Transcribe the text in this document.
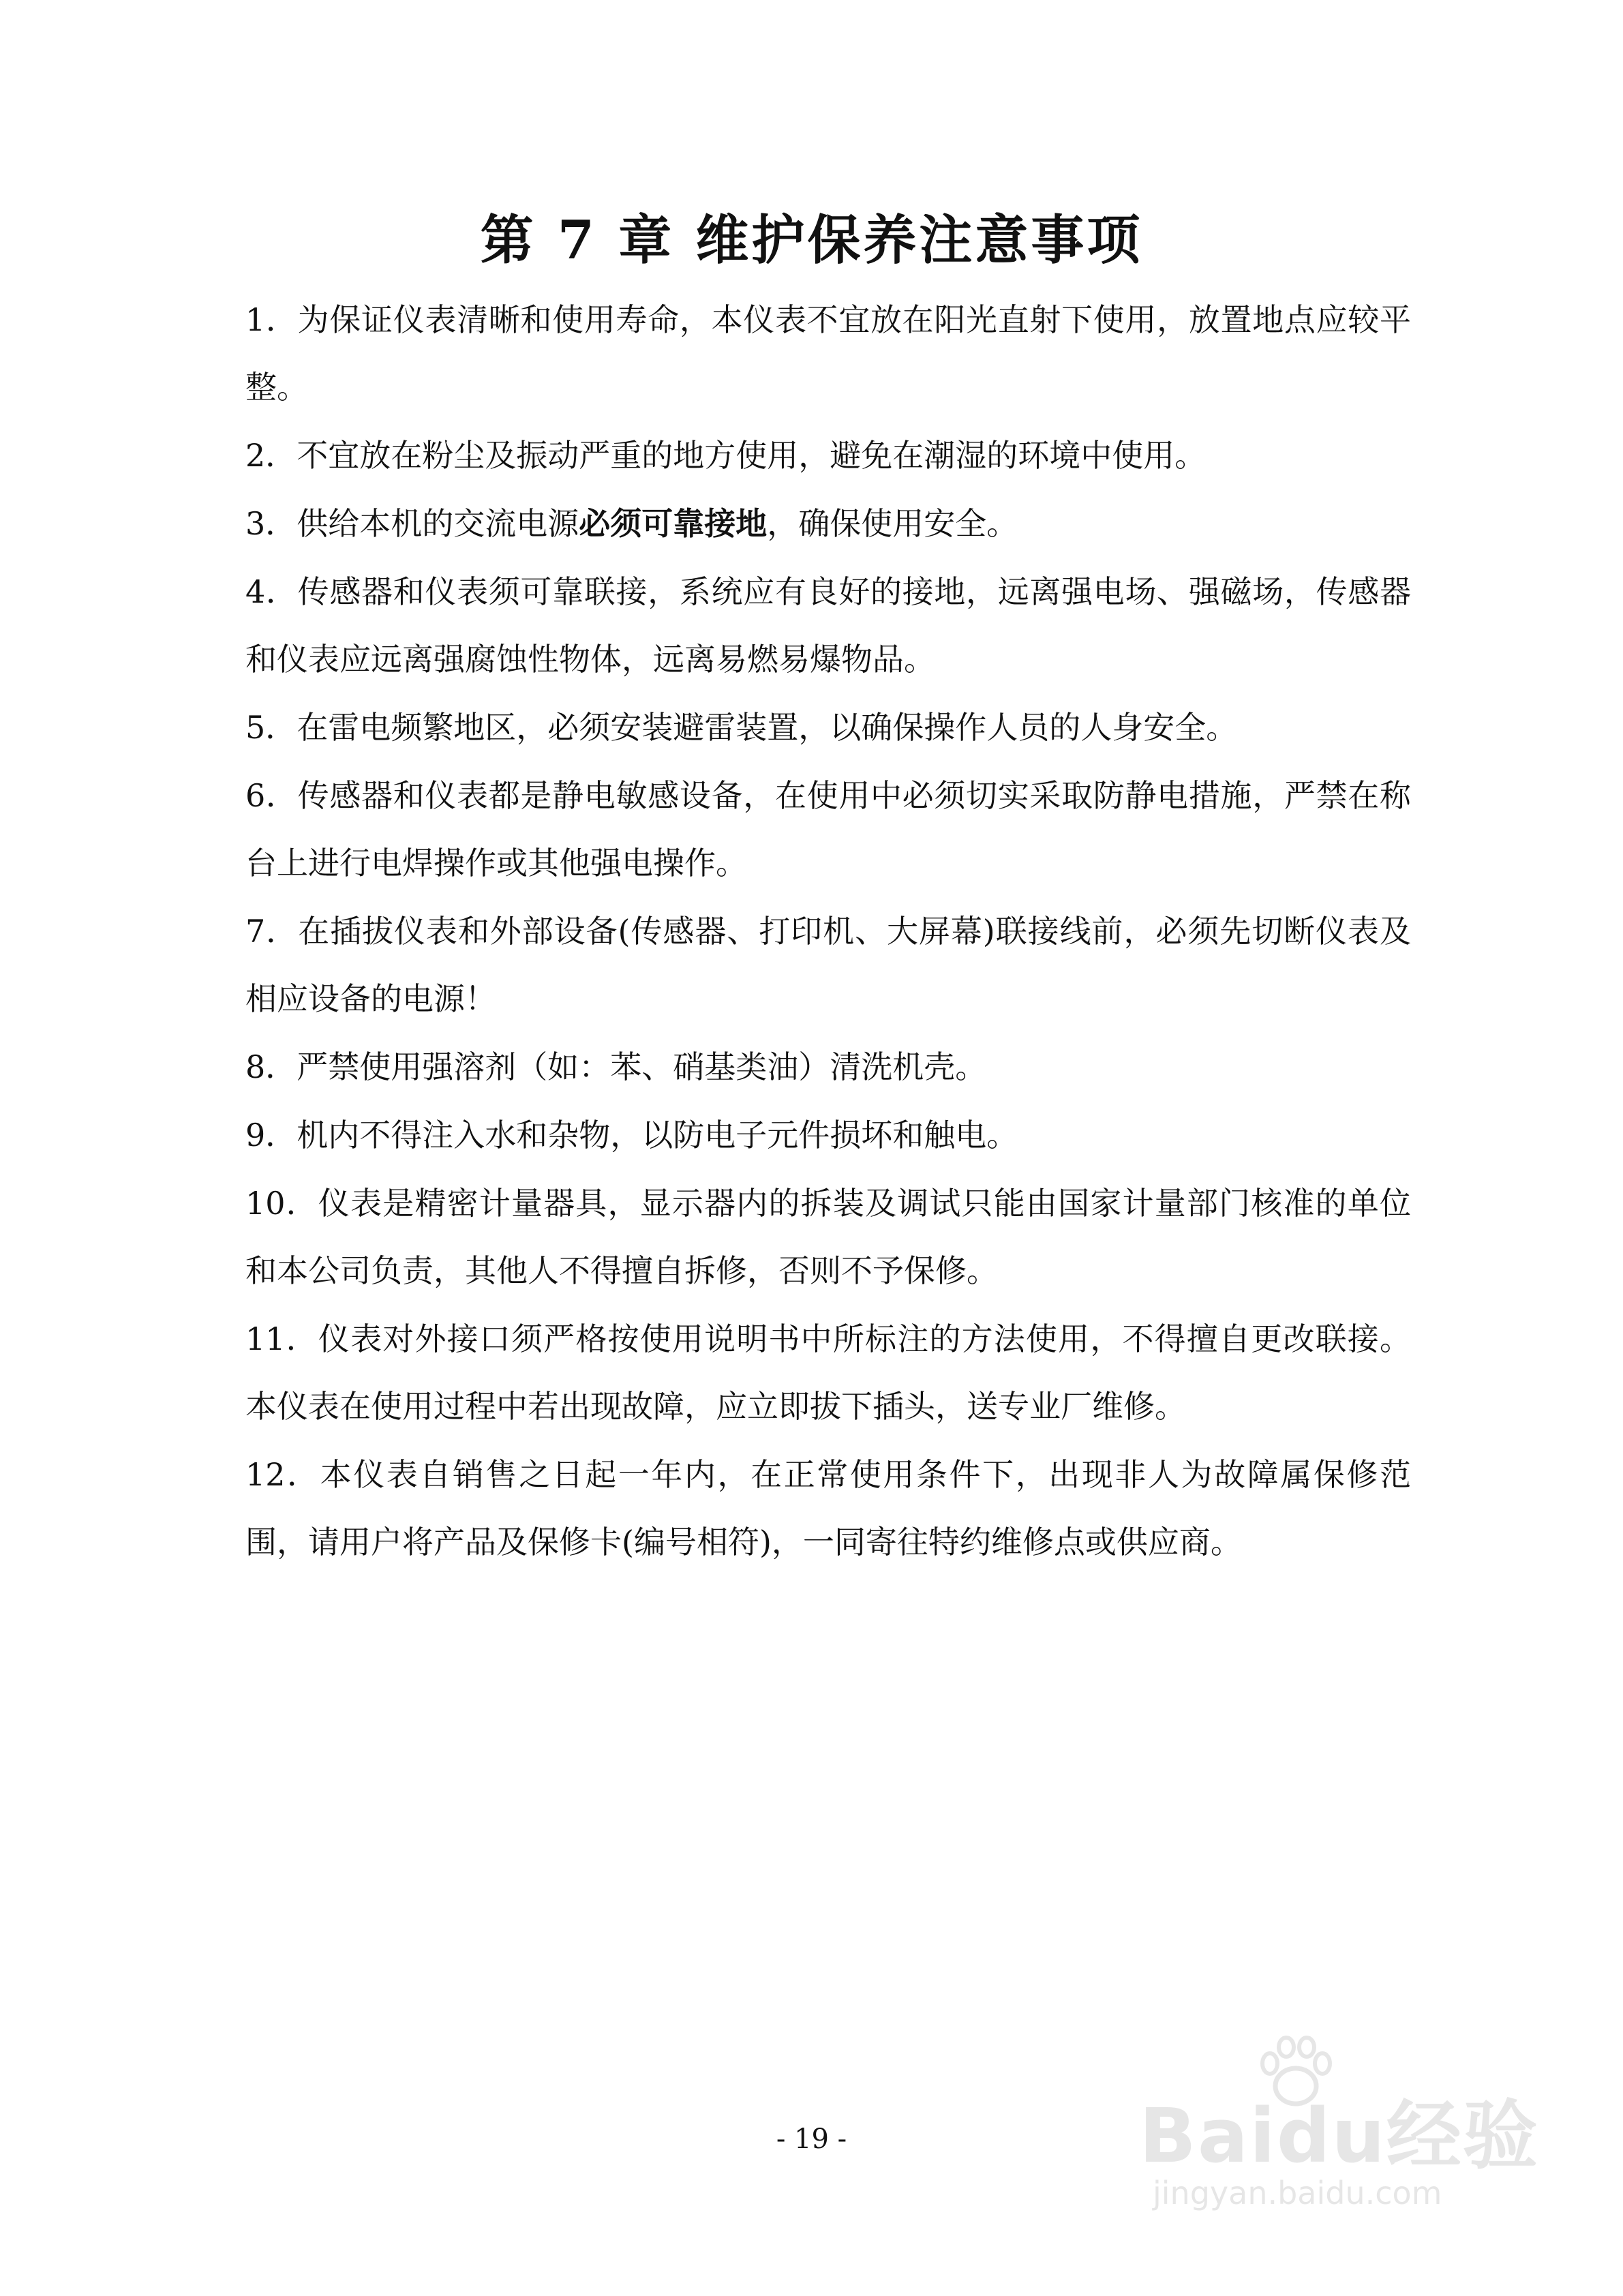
第 7 章 维护保养注意事项
1．为保证仪表清晰和使用寿命，本仪表不宜放在阳光直射下使用，放置地点应较平整。
2．不宜放在粉尘及振动严重的地方使用，避免在潮湿的环境中使用。
3．供给本机的交流电源必须可靠接地，确保使用安全。
4．传感器和仪表须可靠联接，系统应有良好的接地，远离强电场、强磁场，传感器和仪表应远离强腐蚀性物体，远离易燃易爆物品。
5．在雷电频繁地区，必须安装避雷装置，以确保操作人员的人身安全。
6．传感器和仪表都是静电敏感设备，在使用中必须切实采取防静电措施，严禁在称台上进行电焊操作或其他强电操作。
7．在插拔仪表和外部设备(传感器、打印机、大屏幕)联接线前，必须先切断仪表及相应设备的电源！
8．严禁使用强溶剂（如：苯、硝基类油）清洗机壳。
9．机内不得注入水和杂物，以防电子元件损坏和触电。
10．仪表是精密计量器具，显示器内的拆装及调试只能由国家计量部门核准的单位和本公司负责，其他人不得擅自拆修，否则不予保修。
11．仪表对外接口须严格按使用说明书中所标注的方法使用，不得擅自更改联接。本仪表在使用过程中若出现故障，应立即拔下插头，送专业厂维修。
12．本仪表自销售之日起一年内，在正常使用条件下，出现非人为故障属保修范围，请用户将产品及保修卡(编号相符)，一同寄往特约维修点或供应商。
- 19 -	Baidu经验
jingyan.baidu.com
